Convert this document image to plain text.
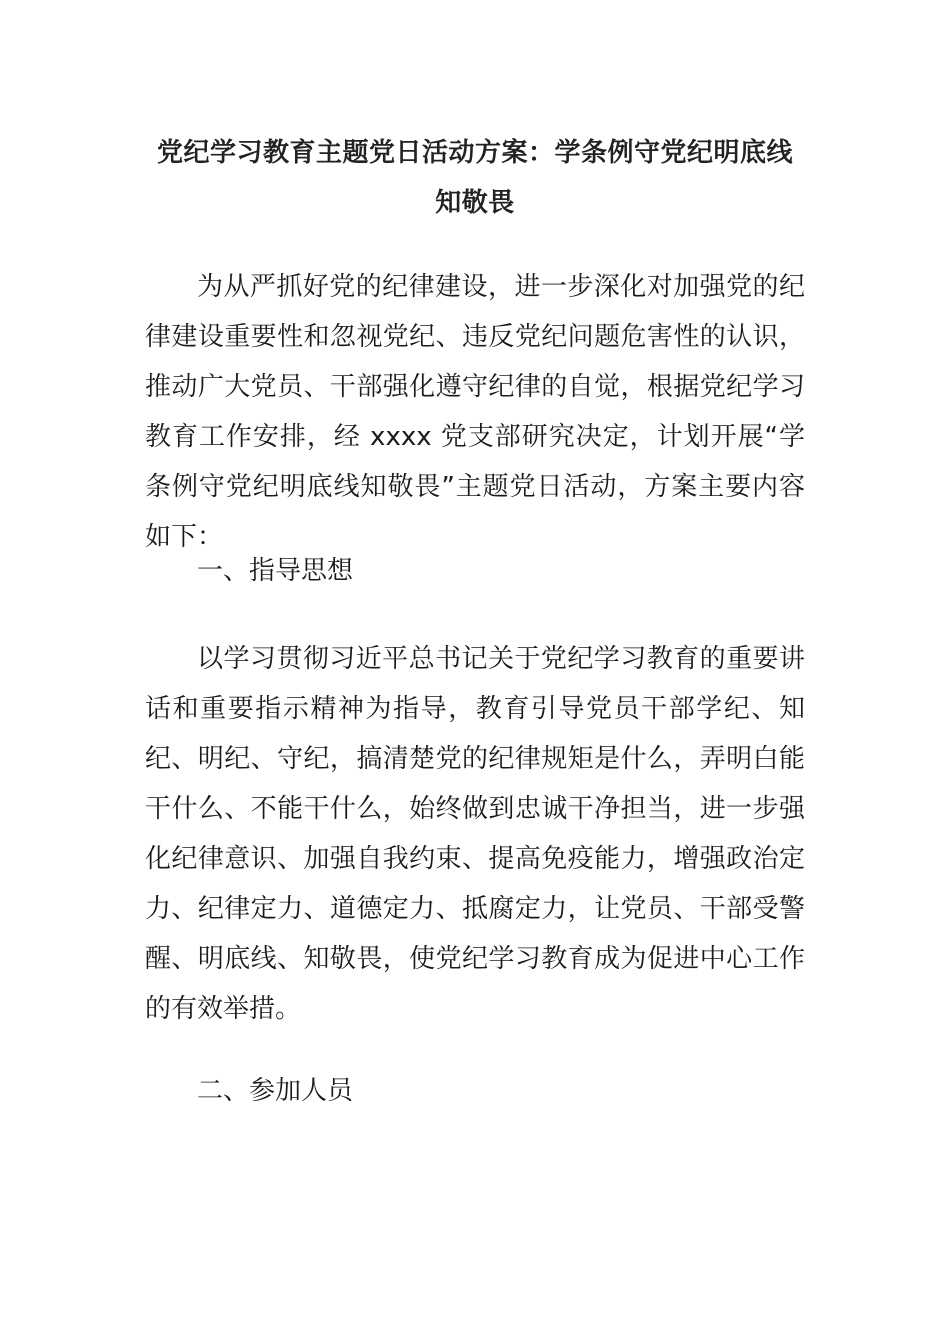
党纪学习教育主题党日活动方案：学条例守党纪明底线知敬畏
为从严抓好党的纪律建设，进一步深化对加强党的纪律建设重要性和忽视党纪、违反党纪问题危害性的认识，推动广大党员、干部强化遵守纪律的自觉，根据党纪学习教育工作安排，经 xxxx 党支部研究决定，计划开展“学条例守党纪明底线知敬畏”主题党日活动，方案主要内容如下：
一、指导思想
以学习贯彻习近平总书记关于党纪学习教育的重要讲话和重要指示精神为指导，教育引导党员干部学纪、知纪、明纪、守纪，搞清楚党的纪律规矩是什么，弄明白能干什么、不能干什么，始终做到忠诚干净担当，进一步强化纪律意识、加强自我约束、提高免疫能力，增强政治定力、纪律定力、道德定力、抵腐定力，让党员、干部受警醒、明底线、知敬畏，使党纪学习教育成为促进中心工作的有效举措。
二、参加人员
